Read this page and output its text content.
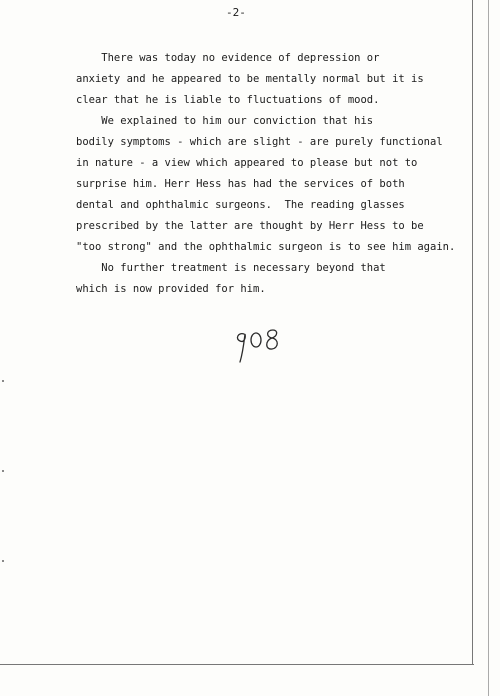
-2-

There was today no evidence of depression or

anxiety and he appeared to be mentally normal but it is

clear that he is liable to fluctuations of mood.

We explained to him our conviction that his

bodily symptoms - which are slight - are purely functional

in nature - a view which appeared to please but not to

surprise him. Herr Hess has had the services of both

dental and ophthalmic surgeons.  The reading glasses

prescribed by the latter are thought by Herr Hess to be

"too strong" and the ophthalmic surgeon is to see him again.

No further treatment is necessary beyond that

which is now provided for him.
